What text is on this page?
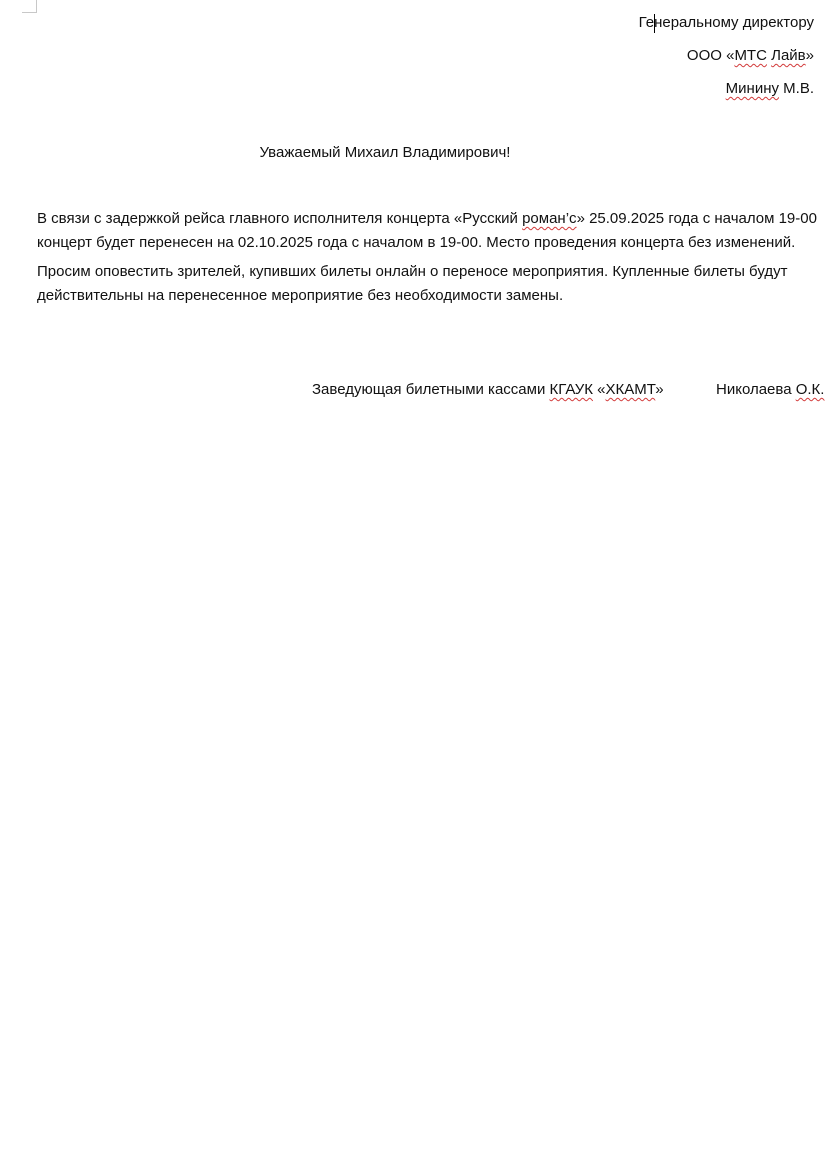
Генеральному директору
ООО «МТС Лайв»
Минину М.В.
Уважаемый Михаил Владимирович!
В связи с задержкой рейса главного исполнителя концерта «Русский роман’с» 25.09.2025 года с началом 19-00 концерт будет перенесен на 02.10.2025 года с началом в 19-00. Место проведения концерта без изменений.
Просим оповестить зрителей, купивших билеты онлайн о переносе мероприятия. Купленные билеты будут действительны на перенесенное мероприятие без необходимости замены.
Заведующая билетными кассами КГАУК «ХКАМТ»	Николаева О.К.
